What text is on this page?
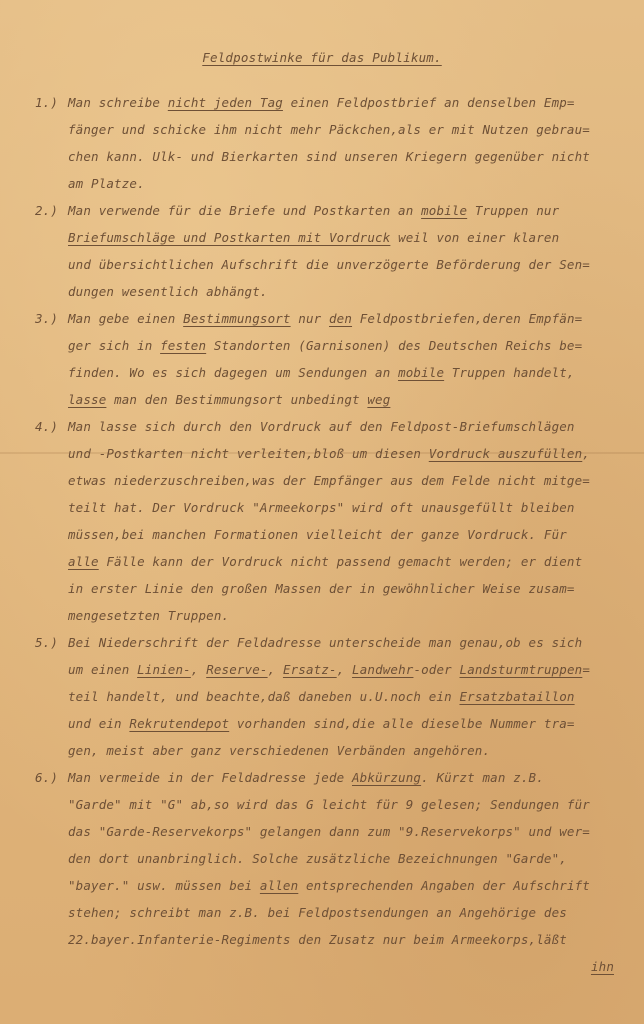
Feldpostwinke für das Publikum.
1.) Man schreibe nicht jeden Tag einen Feldpostbrief an denselben Emp=
fänger und schicke ihm nicht mehr Päckchen,als er mit Nutzen gebrau=
chen kann. Ulk- und Bierkarten sind unseren Kriegern gegenüber nicht
am Platze.
2.) Man verwende für die Briefe und Postkarten an mobile Truppen nur
Briefumschläge und Postkarten mit Vordruck weil von einer klaren
und übersichtlichen Aufschrift die unverzögerte Beförderung der Sen=
dungen wesentlich abhängt.
3.) Man gebe einen Bestimmungsort nur den Feldpostbriefen,deren Empfän=
ger sich in festen Standorten (Garnisonen) des Deutschen Reichs be=
finden. Wo es sich dagegen um Sendungen an mobile Truppen handelt,
lasse man den Bestimmungsort unbedingt weg
4.) Man lasse sich durch den Vordruck auf den Feldpost-Briefumschlägen
und -Postkarten nicht verleiten,bloß um diesen Vordruck auszufüllen,
etwas niederzuschreiben,was der Empfänger aus dem Felde nicht mitge=
teilt hat. Der Vordruck "Armeekorps" wird oft unausgefüllt bleiben
müssen,bei manchen Formationen vielleicht der ganze Vordruck. Für
alle Fälle kann der Vordruck nicht passend gemacht werden; er dient
in erster Linie den großen Massen der in gewöhnlicher Weise zusam=
mengesetzten Truppen.
5.) Bei Niederschrift der Feldadresse unterscheide man genau,ob es sich
um einen Linien-, Reserve-, Ersatz-, Landwehr-oder Landsturmtruppen=
teil handelt, und beachte,daß daneben u.U.noch ein Ersatzbataillon
und ein Rekrutendepot vorhanden sind,die alle dieselbe Nummer tra=
gen, meist aber ganz verschiedenen Verbänden angehören.
6.) Man vermeide in der Feldadresse jede Abkürzung. Kürzt man z.B.
"Garde" mit "G" ab,so wird das G leicht für 9 gelesen; Sendungen für
das "Garde-Reservekorps" gelangen dann zum "9.Reservekorps" und wer=
den dort unanbringlich. Solche zusätzliche Bezeichnungen "Garde",
"bayer." usw. müssen bei allen entsprechenden Angaben der Aufschrift
stehen; schreibt man z.B. bei Feldpostsendungen an Angehörige des
22.bayer.Infanterie-Regiments den Zusatz nur beim Armeekorps,läßt
ihn
